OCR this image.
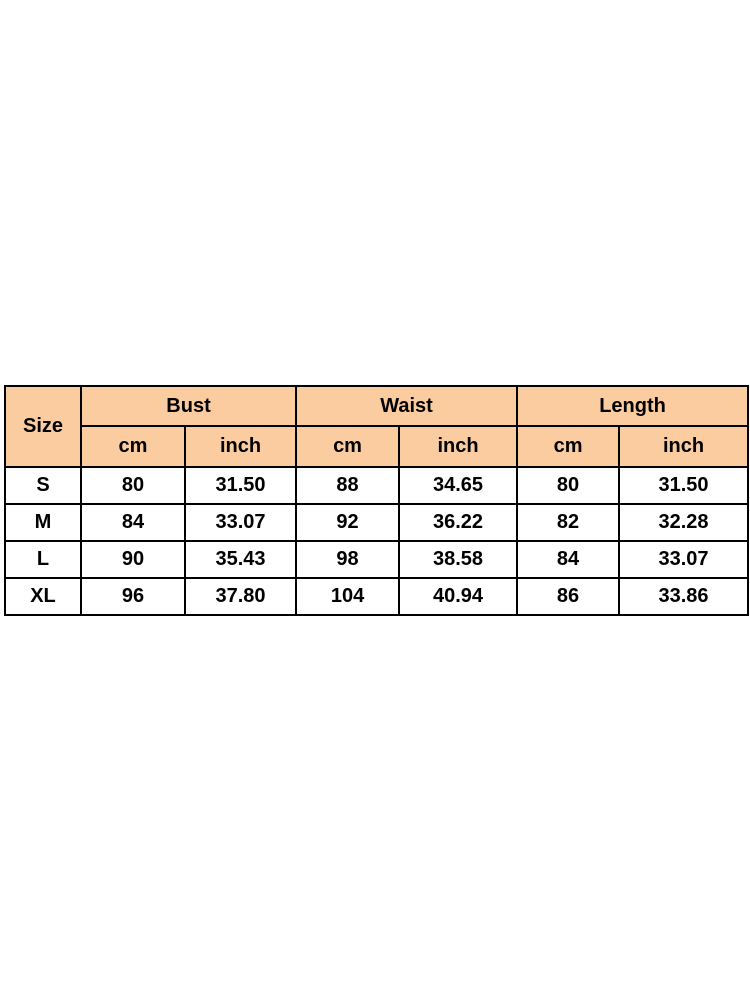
Size	Bust		Waist		Length	
	cm	inch	cm	inch	cm	inch
S	80	31.50	88	34.65	80	31.50
M	84	33.07	92	36.22	82	32.28
L	90	35.43	98	38.58	84	33.07
XL	96	37.80	104	40.94	86	33.86
